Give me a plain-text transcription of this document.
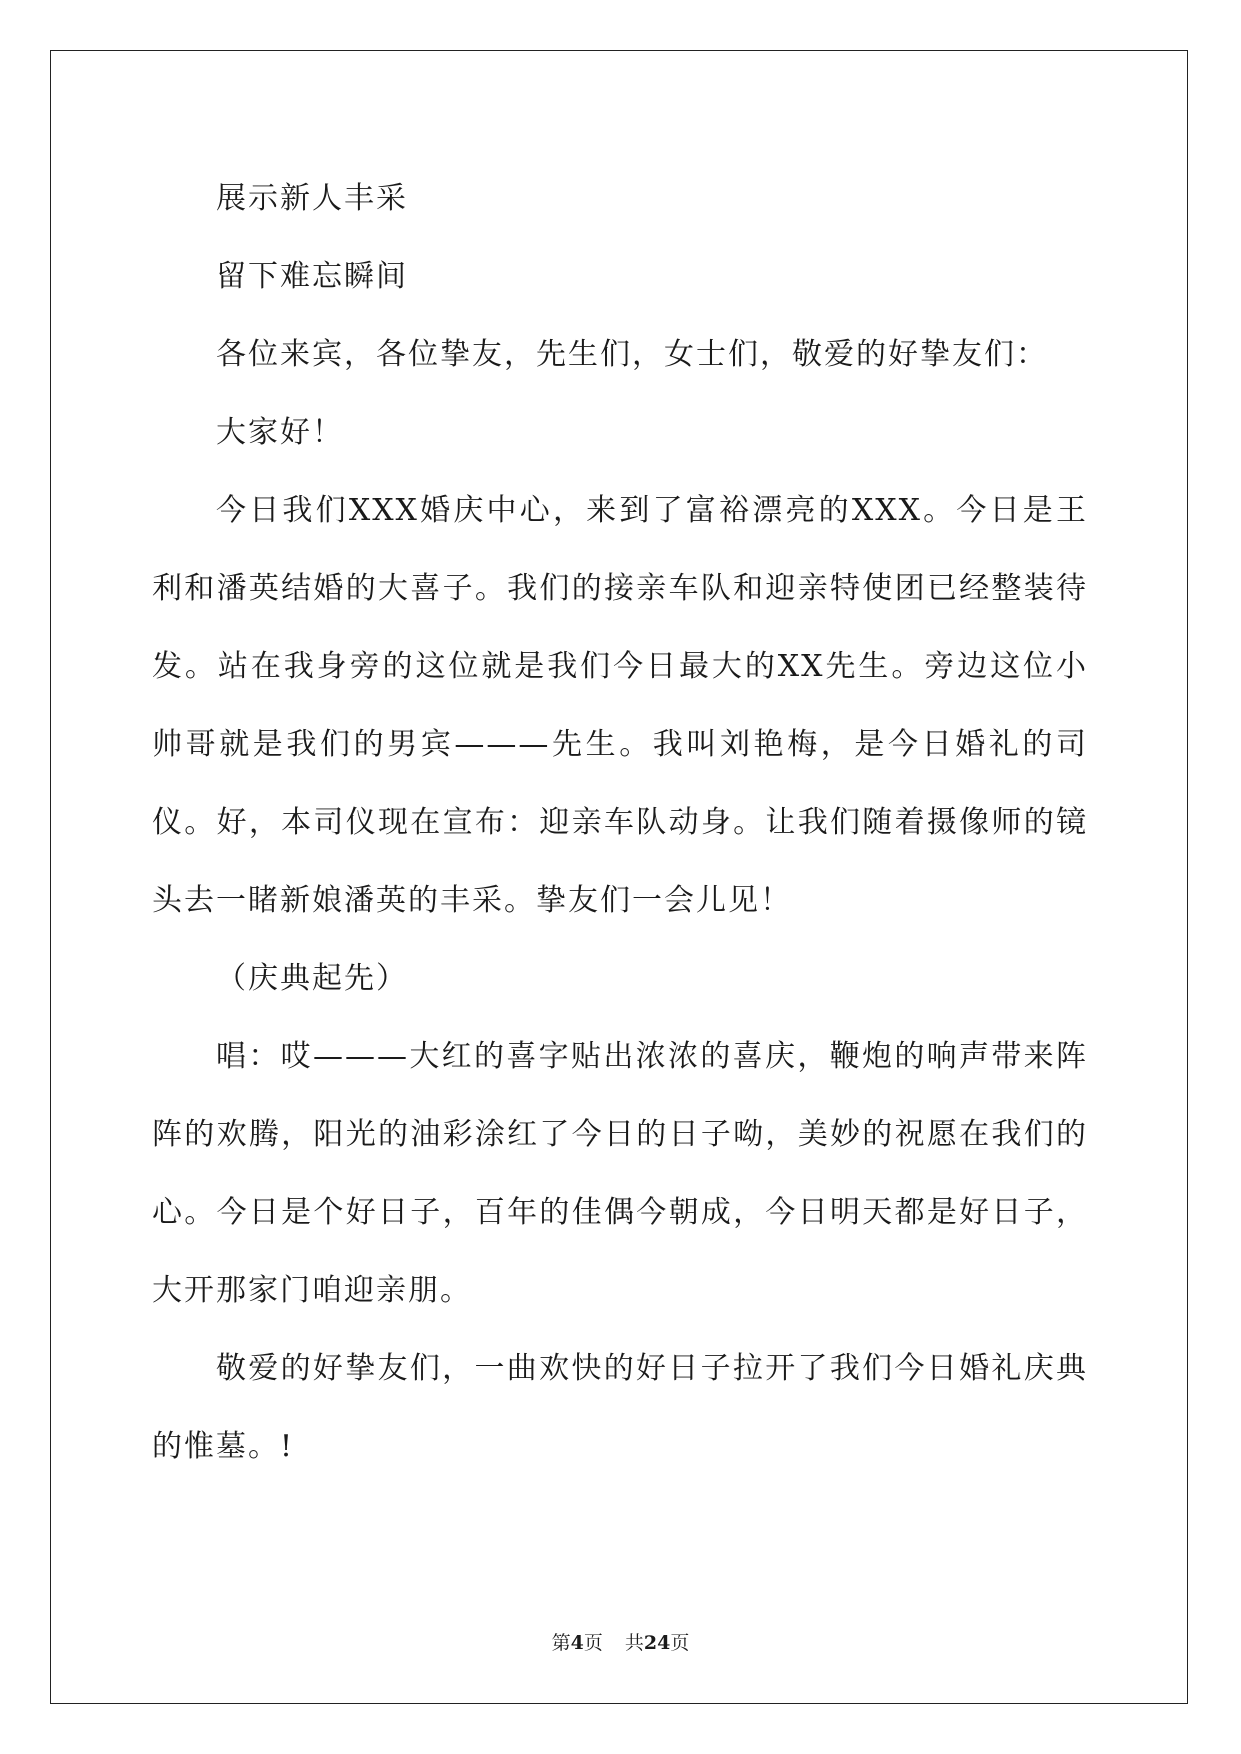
展示新人丰采

留下难忘瞬间

各位来宾，各位挚友，先生们，女士们，敬爱的好挚友们：

大家好！

今日我们XXX婚庆中心，来到了富裕漂亮的XXX。今日是王利和潘英结婚的大喜子。我们的接亲车队和迎亲特使团已经整装待发。站在我身旁的这位就是我们今日最大的XX先生。旁边这位小帅哥就是我们的男宾———先生。我叫刘艳梅，是今日婚礼的司仪。好，本司仪现在宣布：迎亲车队动身。让我们随着摄像师的镜头去一睹新娘潘英的丰采。挚友们一会儿见！

（庆典起先）

唱：哎———大红的喜字贴出浓浓的喜庆，鞭炮的响声带来阵阵的欢腾，阳光的油彩涂红了今日的日子呦，美妙的祝愿在我们的心。今日是个好日子，百年的佳偶今朝成，今日明天都是好日子，大开那家门咱迎亲朋。

敬爱的好挚友们，一曲欢快的好日子拉开了我们今日婚礼庆典的惟墓。!

第4页 共24页
